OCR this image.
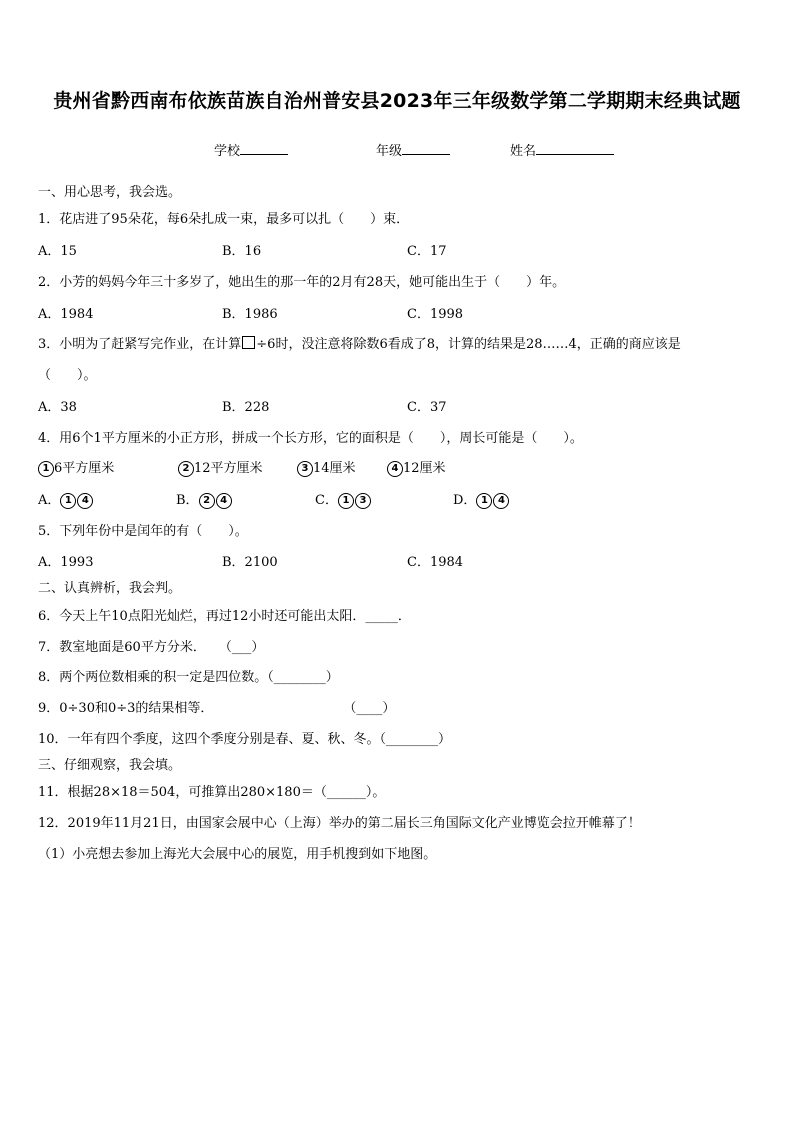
贵州省黔西南布依族苗族自治州普安县2023年三年级数学第二学期期末经典试题
学校	年级	姓名
一、用心思考，我会选。
1．花店进了95朵花，每6朵扎成一束，最多可以扎（　　）束．
A．15	B．16	C．17
2．小芳的妈妈今年三十多岁了，她出生的那一年的2月有28天，她可能出生于（　　）年。
A．1984	B．1986	C．1998
3．小明为了赶紧写完作业，在计算 ÷6时，没注意将除数6看成了8，计算的结果是28……4，正确的商应该是
（　　）。
A．38	B．228	C．37
4．用6个1平方厘米的小正方形，拼成一个长方形，它的面积是（　　），周长可能是（　　）。
1 6平方厘米	2 12平方厘米	3 14厘米	4 12厘米
A． 1 4	B． 2 4	C． 1 3	D． 1 4
5．下列年份中是闰年的有（　　）。
A．1993	B．2100	C．1984
二、认真辨析，我会判。
6．今天上午10点阳光灿烂，再过12小时还可能出太阳．_____．
7．教室地面是60平方分米．　　（___）
8．两个两位数相乘的积一定是四位数。（________）
9．0÷30和0÷3的结果相等．　　　　　　　　　　　（____）
10．一年有四个季度，这四个季度分别是春、夏、秋、冬。（________）
三、仔细观察，我会填。
11．根据28×18＝504，可推算出280×180＝（______）。
12．2019年11月21日，由国家会展中心（上海）举办的第二届长三角国际文化产业博览会拉开帷幕了！
（1）小亮想去参加上海光大会展中心的展览，用手机搜到如下地图。
